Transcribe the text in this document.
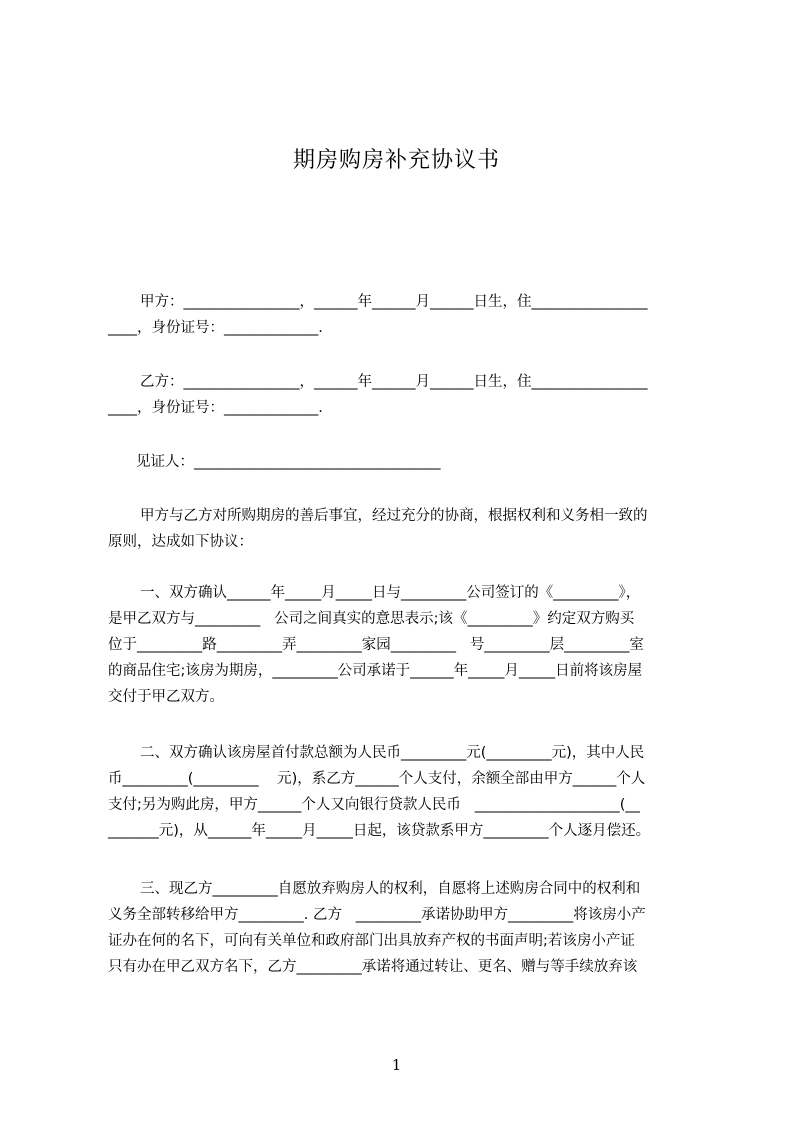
期房购房补充协议书
甲方：________________，______年______月______日生，住________________
____，身份证号：_____________.
乙方：________________，______年______月______日生，住________________
____，身份证号：_____________.
见证人：__________________________________
甲方与乙方对所购期房的善后事宜，经过充分的协商，根据权利和义务相一致的
原则，达成如下协议：
一、双方确认______年_____月_____日与_________公司签订的《_________》，
是甲乙双方与_________   公司之间真实的意思表示;该《_________》约定双方购买
位于_________路_________弄_________家园_________   号_________层_________室
的商品住宅;该房为期房，_________公司承诺于______年_____月_____日前将该房屋
交付于甲乙双方。
二、双方确认该房屋首付款总额为人民币_________元(_________元)，其中人民
币_________(_________    元)，系乙方______个人支付，余额全部由甲方______个人
支付;另为购此房，甲方______个人又向银行贷款人民币   ____________________(__
_______元)，从______年_____月_____日起，该贷款系甲方_________个人逐月偿还。
三、现乙方_________自愿放弃购房人的权利，自愿将上述购房合同中的权利和
义务全部转移给甲方_________. 乙方   _________承诺协助甲方_________将该房小产
证办在何的名下，可向有关单位和政府部门出具放弃产权的书面声明;若该房小产证
只有办在甲乙双方名下，乙方_________承诺将通过转让、更名、赠与等手续放弃该
1
